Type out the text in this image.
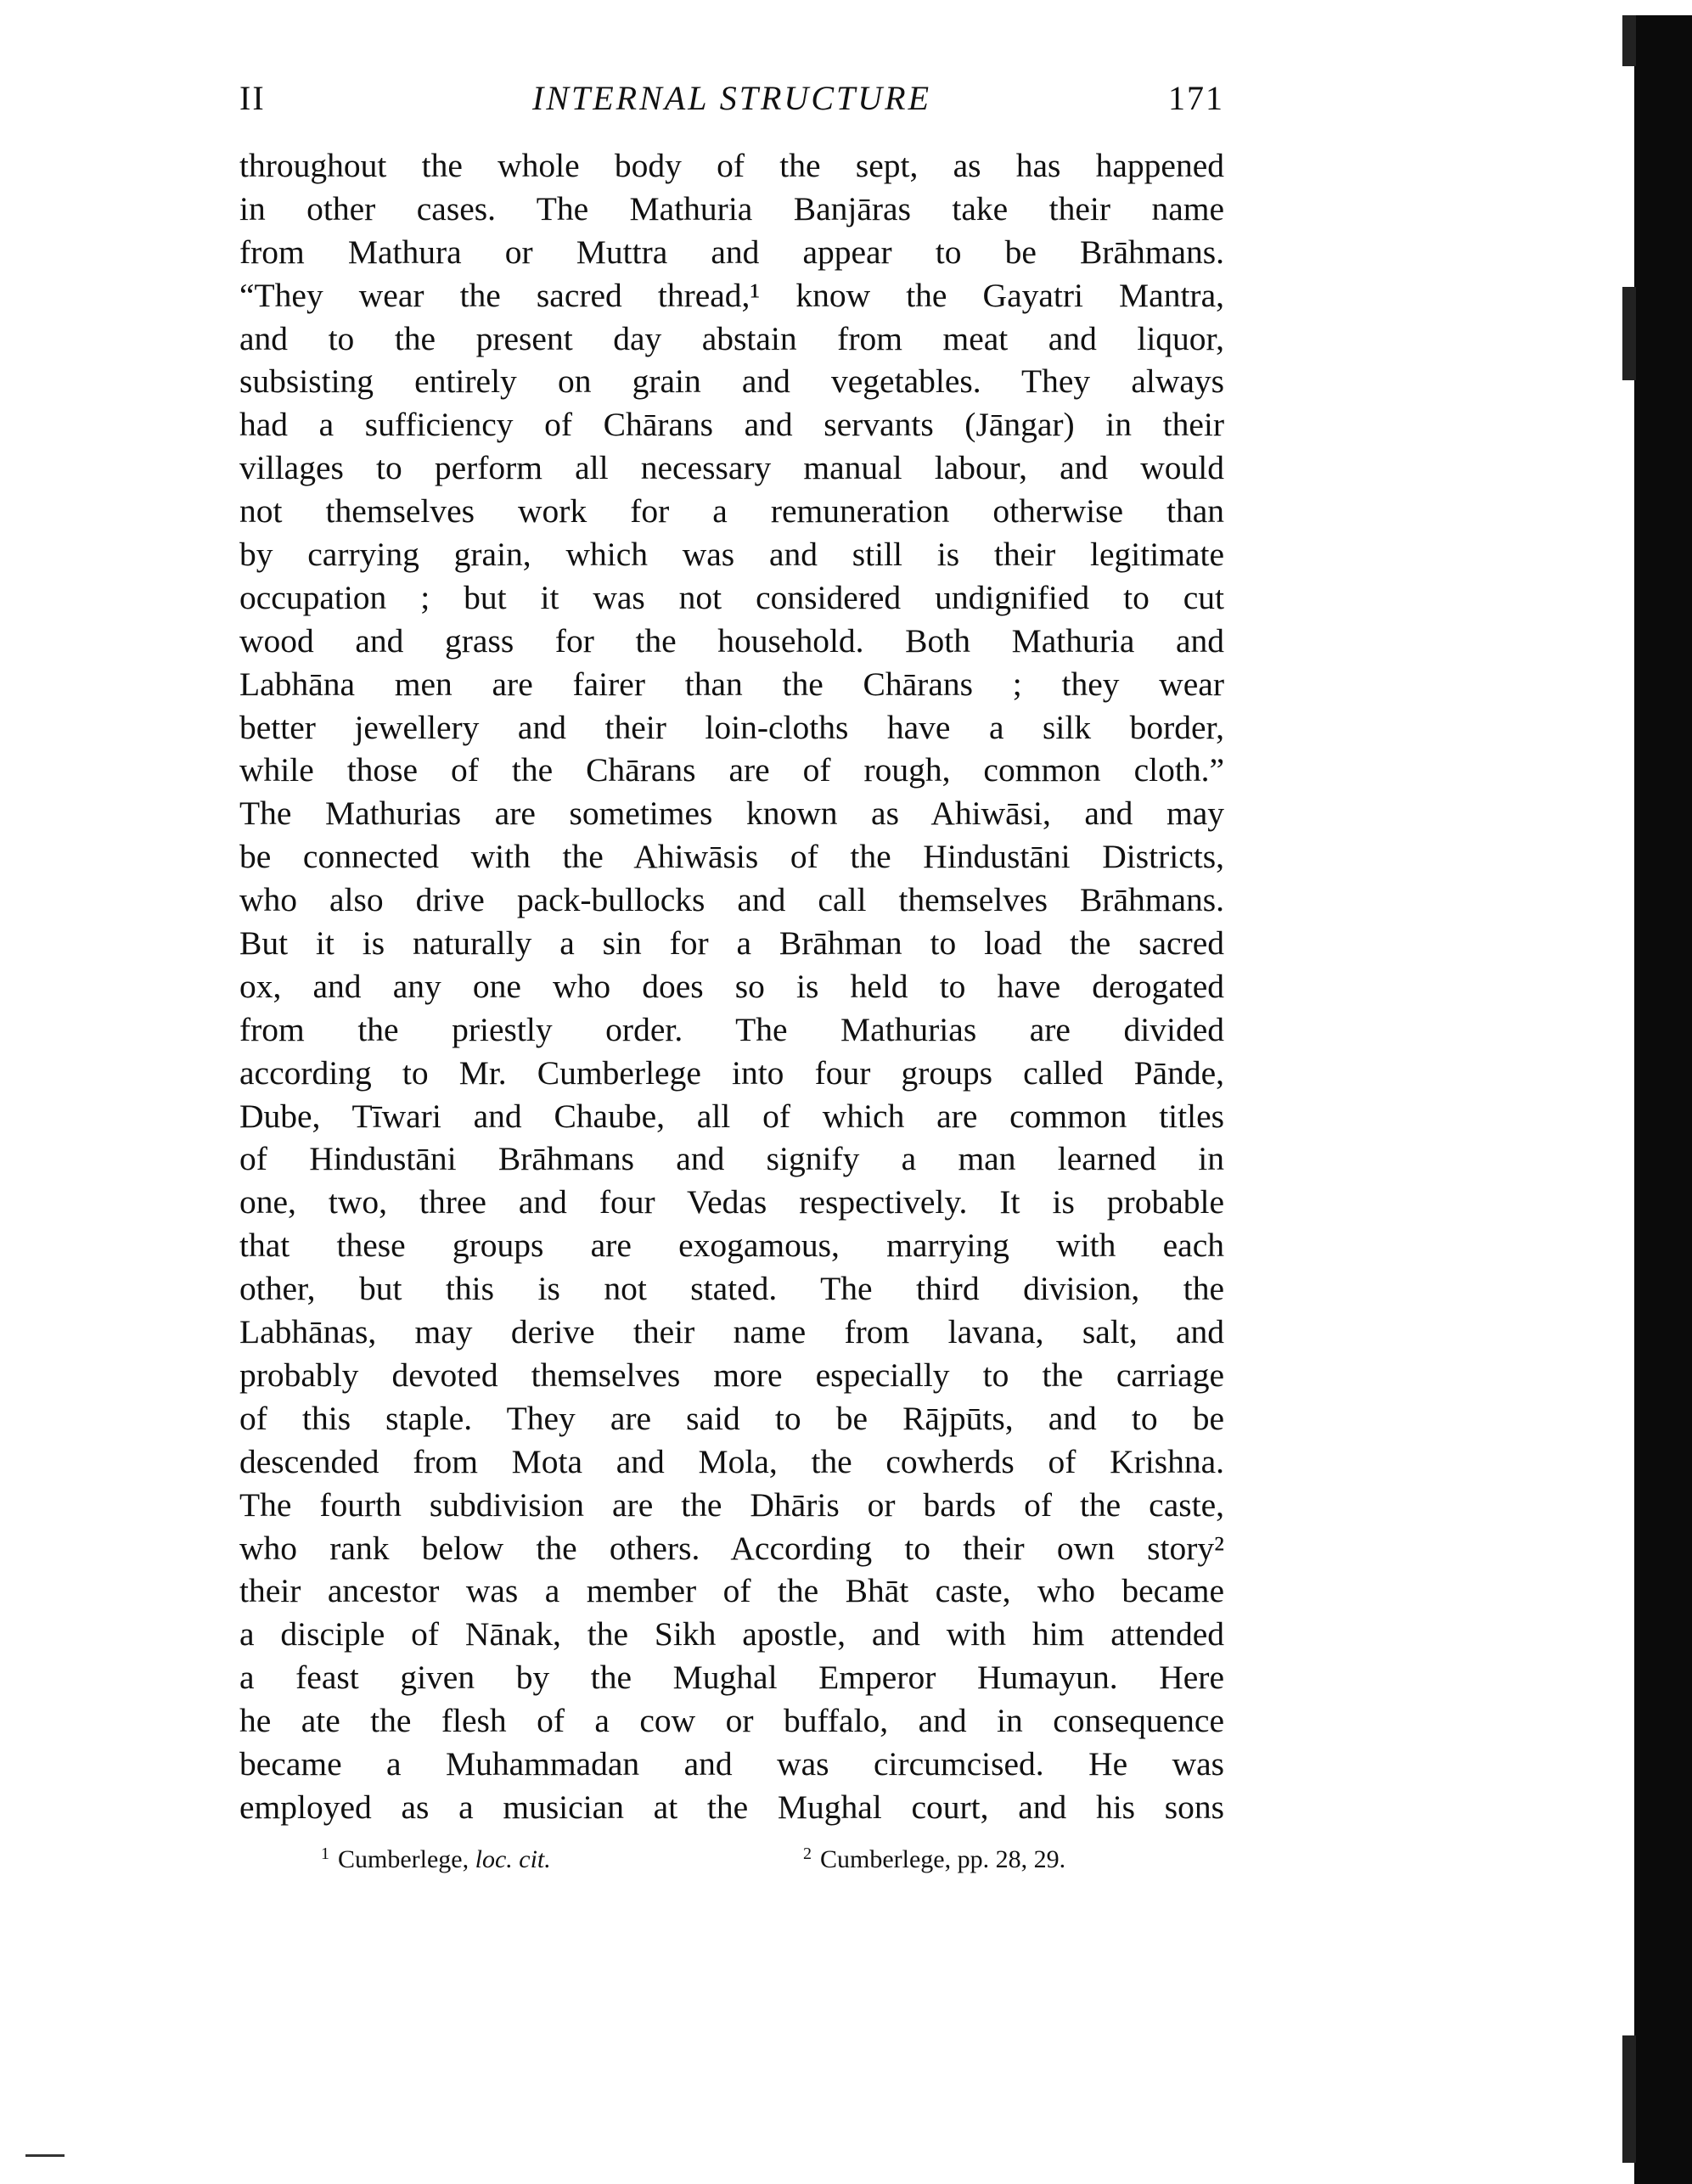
II	INTERNAL STRUCTURE	171
throughout the whole body of the sept, as has happened
in other cases. The Mathuria Banjāras take their name
from Mathura or Muttra and appear to be Brāhmans.
“They wear the sacred thread,¹ know the Gayatri Mantra,
and to the present day abstain from meat and liquor,
subsisting entirely on grain and vegetables. They always
had a sufficiency of Chārans and servants (Jāngar) in their
villages to perform all necessary manual labour, and would
not themselves work for a remuneration otherwise than
by carrying grain, which was and still is their legitimate
occupation ; but it was not considered undignified to cut
wood and grass for the household. Both Mathuria and
Labhāna men are fairer than the Chārans ; they wear
better jewellery and their loin-cloths have a silk border,
while those of the Chārans are of rough, common cloth.”
The Mathurias are sometimes known as Ahiwāsi, and may
be connected with the Ahiwāsis of the Hindustāni Districts,
who also drive pack-bullocks and call themselves Brāhmans.
But it is naturally a sin for a Brāhman to load the sacred
ox, and any one who does so is held to have derogated
from the priestly order. The Mathurias are divided
according to Mr. Cumberlege into four groups called Pānde,
Dube, Tīwari and Chaube, all of which are common titles
of Hindustāni Brāhmans and signify a man learned in
one, two, three and four Vedas respectively. It is probable
that these groups are exogamous, marrying with each
other, but this is not stated. The third division, the
Labhānas, may derive their name from lavana, salt, and
probably devoted themselves more especially to the carriage
of this staple. They are said to be Rājpūts, and to be
descended from Mota and Mola, the cowherds of Krishna.
The fourth subdivision are the Dhāris or bards of the caste,
who rank below the others. According to their own story²
their ancestor was a member of the Bhāt caste, who became
a disciple of Nānak, the Sikh apostle, and with him attended
a feast given by the Mughal Emperor Humayun. Here
he ate the flesh of a cow or buffalo, and in consequence
became a Muhammadan and was circumcised. He was
employed as a musician at the Mughal court, and his sons
$^1$ Cumberlege, loc. cit.	$^2$ Cumberlege, pp. 28, 29.
